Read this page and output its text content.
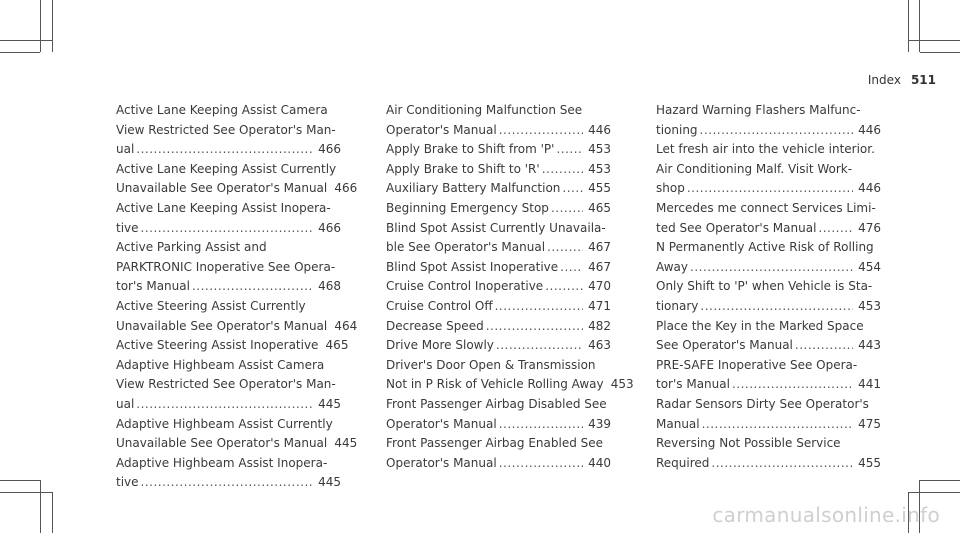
Index 511
Active Lane Keeping Assist Camera
View Restricted See Operator's Man-
ual .....	466
Active Lane Keeping Assist Currently
Unavailable See Operator's Manual 466
Active Lane Keeping Assist Inopera-
tive .....	466
Active Parking Assist and
PARKTRONIC Inoperative See Opera-
tor's Manual .....	468
Active Steering Assist Currently
Unavailable See Operator's Manual 464
Active Steering Assist Inoperative 465
Adaptive Highbeam Assist Camera
View Restricted See Operator's Man-
ual .....	445
Adaptive Highbeam Assist Currently
Unavailable See Operator's Manual 445
Adaptive Highbeam Assist Inopera-
tive .....	445
Air Conditioning Malfunction See
Operator's Manual .....	446
Apply Brake to Shift from 'P' .....	453
Apply Brake to Shift to 'R' .....	453
Auxiliary Battery Malfunction ..... 455
Beginning Emergency Stop .....	465
Blind Spot Assist Currently Unavaila-
ble See Operator's Manual .....	467
Blind Spot Assist Inoperative ..... 467
Cruise Control Inoperative .....	470
Cruise Control Off .....	471
Decrease Speed .....	482
Drive More Slowly .....	463
Driver's Door Open & Transmission
Not in P Risk of Vehicle Rolling Away 453
Front Passenger Airbag Disabled See
Operator's Manual .....	439
Front Passenger Airbag Enabled See
Operator's Manual .....	440
Hazard Warning Flashers Malfunc-
tioning .....	446
Let fresh air into the vehicle interior.
Air Conditioning Malf. Visit Work-
shop .....	446
Mercedes me connect Services Limi-
ted See Operator's Manual .....	476
N Permanently Active Risk of Rolling
Away .....	454
Only Shift to 'P' when Vehicle is Sta-
tionary .....	453
Place the Key in the Marked Space
See Operator's Manual .....	443
PRE-SAFE Inoperative See Opera-
tor's Manual .....	441
Radar Sensors Dirty See Operator's
Manual .....	475
Reversing Not Possible Service
Required .....	455
carmanualsonline.info
